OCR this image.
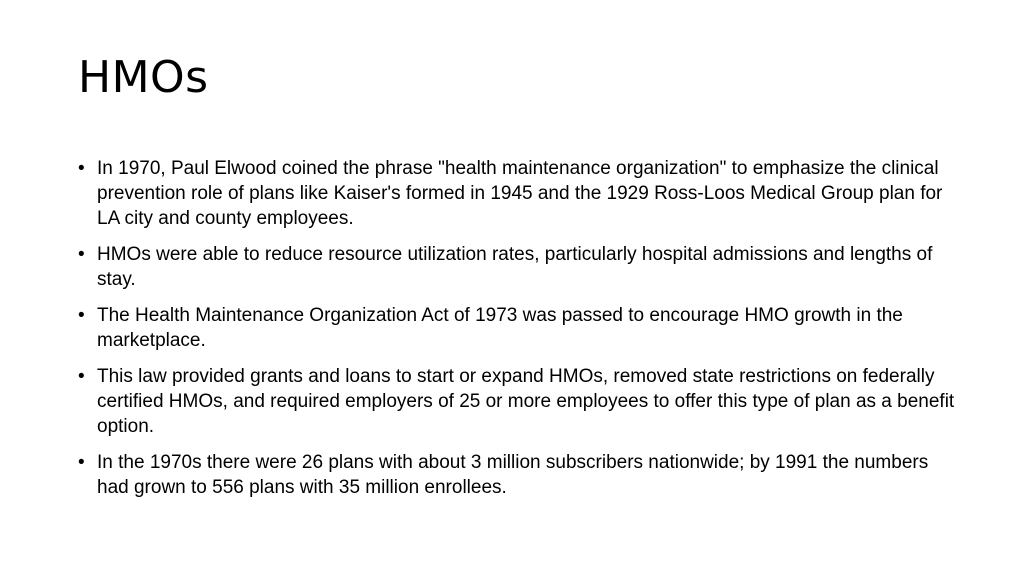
HMOs
• In 1970, Paul Elwood coined the phrase "health maintenance organization" to emphasize the clinical prevention role of plans like Kaiser's formed in 1945 and the 1929 Ross-Loos Medical Group plan for LA city and county employees.
• HMOs were able to reduce resource utilization rates, particularly hospital admissions and lengths of stay.
• The Health Maintenance Organization Act of 1973 was passed to encourage HMO growth in the marketplace.
• This law provided grants and loans to start or expand HMOs, removed state restrictions on federally certified HMOs, and required employers of 25 or more employees to offer this type of plan as a benefit option.
• In the 1970s there were 26 plans with about 3 million subscribers nationwide; by 1991 the numbers had grown to 556 plans with 35 million enrollees.
